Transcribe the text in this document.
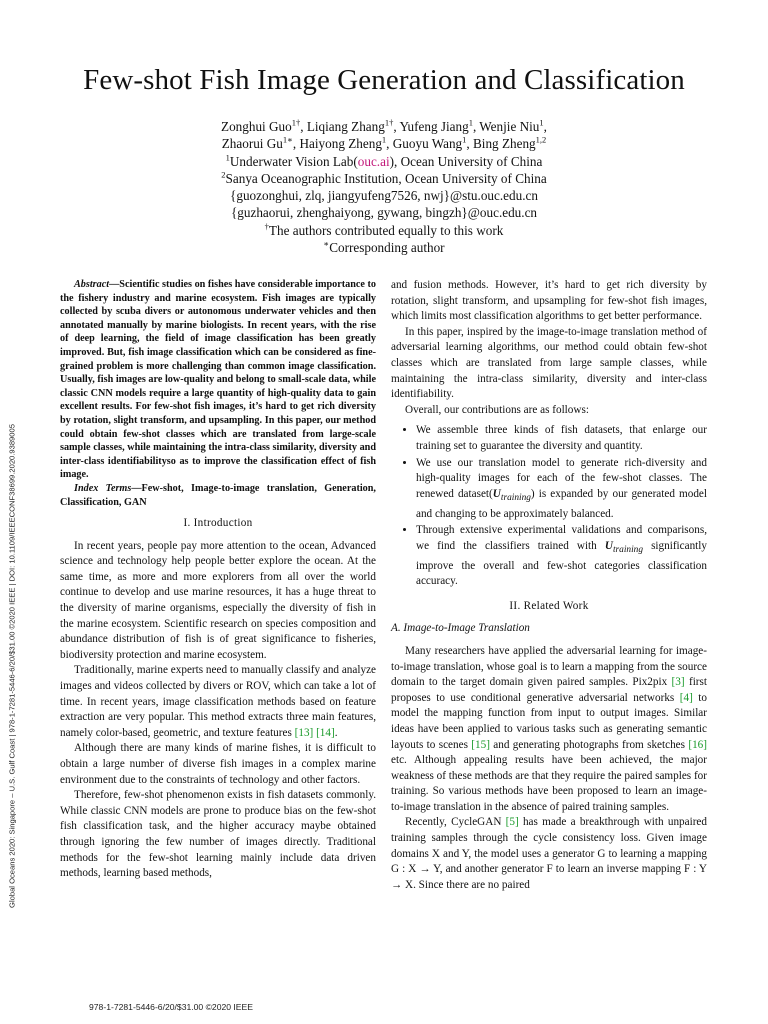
Few-shot Fish Image Generation and Classification
Zonghui Guo$^{1\dagger}$, Liqiang Zhang$^{1\dagger}$, Yufeng Jiang$^1$, Wenjie Niu$^1$,
Zhaorui $Gu^{1∗}$, Haiyong Zheng$^1$, Guoyu Wang$^1$, Bing Zheng$^{1,2}$
$^1$Underwater Vision Lab(ouc.ai), Ocean University of China
$^2$Sanya Oceanographic Institution, Ocean University of China
{guozonghui, zlq, jiangyufeng7526, nwj}@stu.ouc.edu.cn
{guzhaorui, zhenghaiyong, gywang, bingzh}@ouc.edu.cn
†The authors contributed equally to this work
∗Corresponding author
Global Oceans 2020: Singapore – U.S. Gulf Coast | 978-1-7281-5446-6/20/$31.00 ©2020 IEEE | DOI: 10.1109/IEEECONF38699.2020.9389005

Abstract—Scientific studies on fishes have considerable importance to the fishery industry and marine ecosystem. Fish images are typically collected by scuba divers or autonomous underwater vehicles and then annotated manually by marine biologists. In recent years, with the rise of deep learning, the field of image classification has been greatly improved. But, fish image classification which can be considered as fine-grained problem is more challenging than common image classification. Usually, fish images are low-quality and belong to small-scale data, while classic CNN models require a large quantity of high-quality data to gain excellent results. For few-shot fish images, it’s hard to get rich diversity by rotation, slight transform, and upsampling. In this paper, our method could obtain few-shot classes which are translated from large-scale sample classes, while maintaining the intra-class similarity, diversity and inter-class identifiabilityso as to improve the classification effect of fish image.

Index Terms—Few-shot, Image-to-image translation, Generation, Classification, GAN

I. Introduction

In recent years, people pay more attention to the ocean, Advanced science and technology help people better explore the ocean. At the same time, as more and more explorers from all over the world continue to develop and use marine resources, it has a huge threat to the diversity of marine organisms, especially the diversity of fish in the marine ecosystem. Scientific research on species composition and abundance distribution of fish is of great significance to fisheries, biodiversity protection and marine ecosystem.

Traditionally, marine experts need to manually classify and analyze images and videos collected by divers or ROV, which can take a lot of time. In recent years, image classification methods based on feature extraction are very popular. This method extracts three main features, namely color-based, geometric, and texture features [13] [14].

Although there are many kinds of marine fishes, it is difficult to obtain a large number of diverse fish images in a complex marine environment due to the constraints of technology and other factors.

Therefore, few-shot phenomenon exists in fish datasets commonly. While classic CNN models are prone to produce bias on the few-shot fish classification task, and the higher accuracy maybe obtained through ignoring the few number of images directly. Traditional methods for the few-shot learning mainly include data driven methods, learning based methods,

and fusion methods. However, it’s hard to get rich diversity by rotation, slight transform, and upsampling for few-shot fish images, which limits most classification algorithms to get better performance.

In this paper, inspired by the image-to-image translation method of adversarial learning algorithms, our method could obtain few-shot classes which are translated from large sample classes, while maintaining the intra-class similarity, diversity and inter-class identifiability.

Overall, our contributions are as follows:

• We assemble three kinds of fish datasets, that enlarge our training set to guarantee the diversity and quantity.
• We use our translation model to generate rich-diversity and high-quality images for each of the few-shot classes. The renewed $dataset(U_{training})$ is expanded by our generated model and changing to be approximately balanced.
• Through extensive experimental validations and comparisons, we find the classifiers trained with $U_{training}$ significantly improve the overall and few-shot categories classification accuracy.
II. Related Work
A. Image-to-Image Translation

Many researchers have applied the adversarial learning for image-to-image translation, whose goal is to learn a mapping from the source domain to the target domain given paired samples. Pix2pix [3] first proposes to use conditional generative adversarial networks [4] to model the mapping function from input to output images. Similar ideas have been applied to various tasks such as generating semantic layouts to scenes [15] and generating photographs from sketches [16] etc. Although appealing results have been achieved, the major weakness of these methods are that they require the paired samples for training. So various methods have been proposed to learn an image-to-image translation in the absence of paired training samples.

Recently, CycleGAN [5] has made a breakthrough with unpaired training samples through the cycle consistency loss. Given image domains X and Y, the model uses a generator G to learning a mapping G : X → Y, and another generator F to learn an inverse mapping F : Y → X. Since there are no paired

978-1-7281-5446-6/20/$31.00 ©2020 IEEE
